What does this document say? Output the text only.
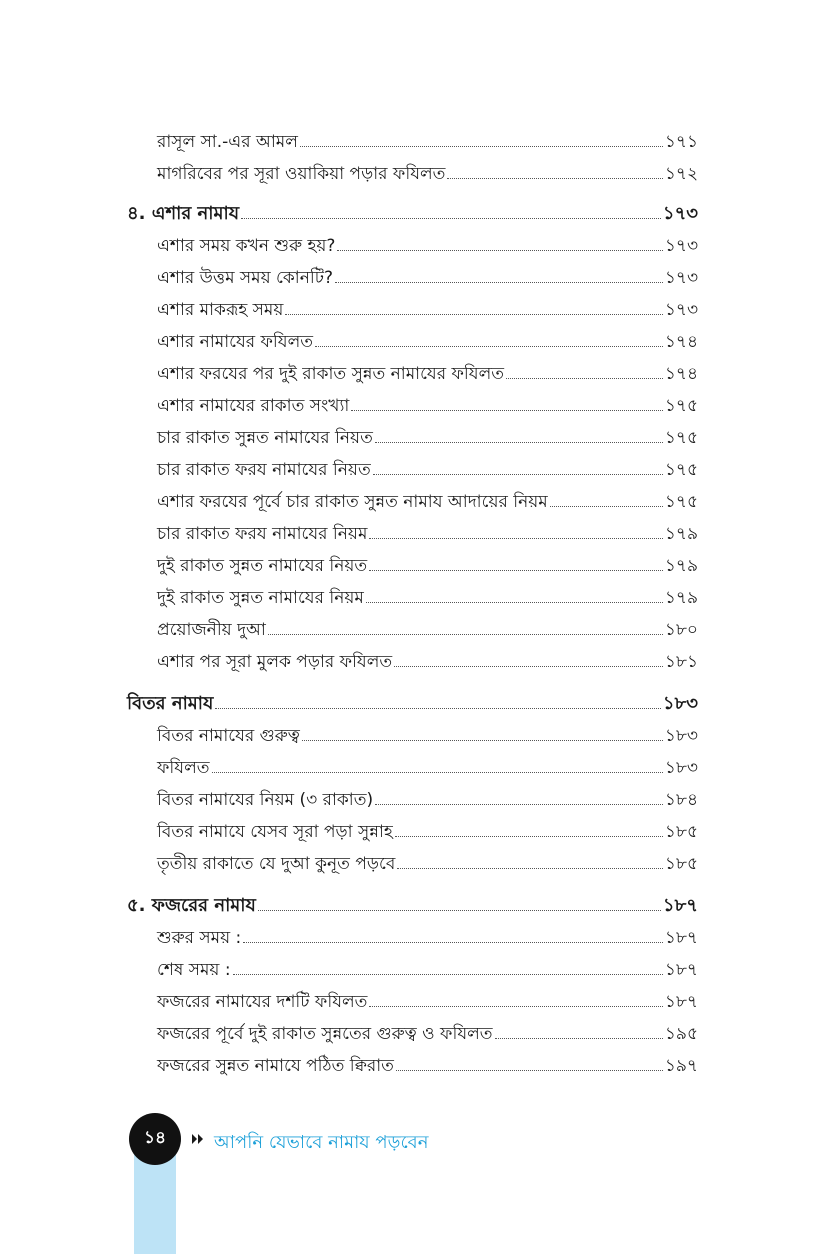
রাসূল সা.-এর আমল	১৭১
মাগরিবের পর সূরা ওয়াকিয়া পড়ার ফযিলত	১৭২
৪. এশার নামায	১৭৩
এশার সময় কখন শুরু হয়?	১৭৩
এশার উত্তম সময় কোনটি?	১৭৩
এশার মাকরূহ সময়	১৭৩
এশার নামাযের ফযিলত	১৭৪
এশার ফরযের পর দুই রাকাত সুন্নত নামাযের ফযিলত	১৭৪
এশার নামাযের রাকাত সংখ্যা	১৭৫
চার রাকাত সুন্নত নামাযের নিয়ত	১৭৫
চার রাকাত ফরয নামাযের নিয়ত	১৭৫
এশার ফরযের পূর্বে চার রাকাত সুন্নত নামায আদায়ের নিয়ম	১৭৫
চার রাকাত ফরয নামাযের নিয়ম	১৭৯
দুই রাকাত সুন্নত নামাযের নিয়ত	১৭৯
দুই রাকাত সুন্নত নামাযের নিয়ম	১৭৯
প্রয়োজনীয় দুআ	১৮০
এশার পর সূরা মুলক পড়ার ফযিলত	১৮১
বিতর নামায	১৮৩
বিতর নামাযের গুরুত্ব	১৮৩
ফযিলত	১৮৩
বিতর নামাযের নিয়ম (৩ রাকাত)	১৮৪
বিতর নামাযে যেসব সূরা পড়া সুন্নাহ	১৮৫
তৃতীয় রাকাতে যে দুআ কুনূত পড়বে	১৮৫
৫. ফজরের নামায	১৮৭
শুরুর সময় :	১৮৭
শেষ সময় :	১৮৭
ফজরের নামাযের দশটি ফযিলত	১৮৭
ফজরের পূর্বে দুই রাকাত সুন্নতের গুরুত্ব ও ফযিলত	১৯৫
ফজরের সুন্নত নামাযে পঠিত ক্বিরাত	১৯৭
১৪	আপনি যেভাবে নামায পড়বেন
